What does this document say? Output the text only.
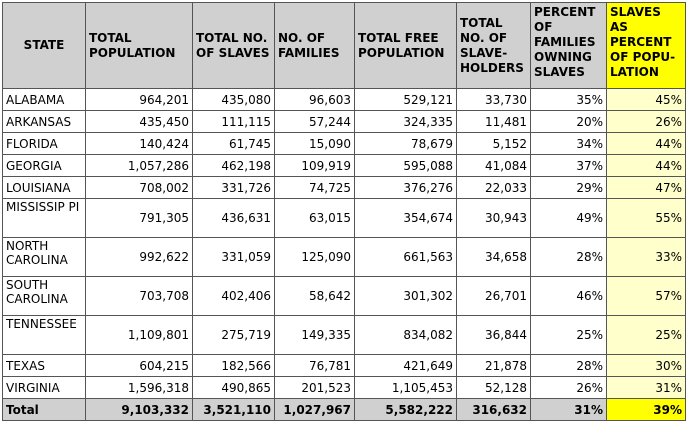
STATE	TOTAL POPULATION	TOTAL NO. OF SLAVES	NO. OF FAMILIES	TOTAL FREE POPULATION	TOTAL NO. OF SLAVE-HOLDERS	PERCENT OF FAMILIES OWNING SLAVES	SLAVES AS PERCENT OF POPU-LATION
ALABAMA	964,201	435,080	96,603	529,121	33,730	35%	45%
ARKANSAS	435,450	111,115	57,244	324,335	11,481	20%	26%
FLORIDA	140,424	61,745	15,090	78,679	5,152	34%	44%
GEORGIA	1,057,286	462,198	109,919	595,088	41,084	37%	44%
LOUISIANA	708,002	331,726	74,725	376,276	22,033	29%	47%
MISSISSIP PI	791,305	436,631	63,015	354,674	30,943	49%	55%
NORTH CAROLINA	992,622	331,059	125,090	661,563	34,658	28%	33%
SOUTH CAROLINA	703,708	402,406	58,642	301,302	26,701	46%	57%
TENNESSEE	1,109,801	275,719	149,335	834,082	36,844	25%	25%
TEXAS	604,215	182,566	76,781	421,649	21,878	28%	30%
VIRGINIA	1,596,318	490,865	201,523	1,105,453	52,128	26%	31%
Total	9,103,332	3,521,110	1,027,967	5,582,222	316,632	31%	39%
